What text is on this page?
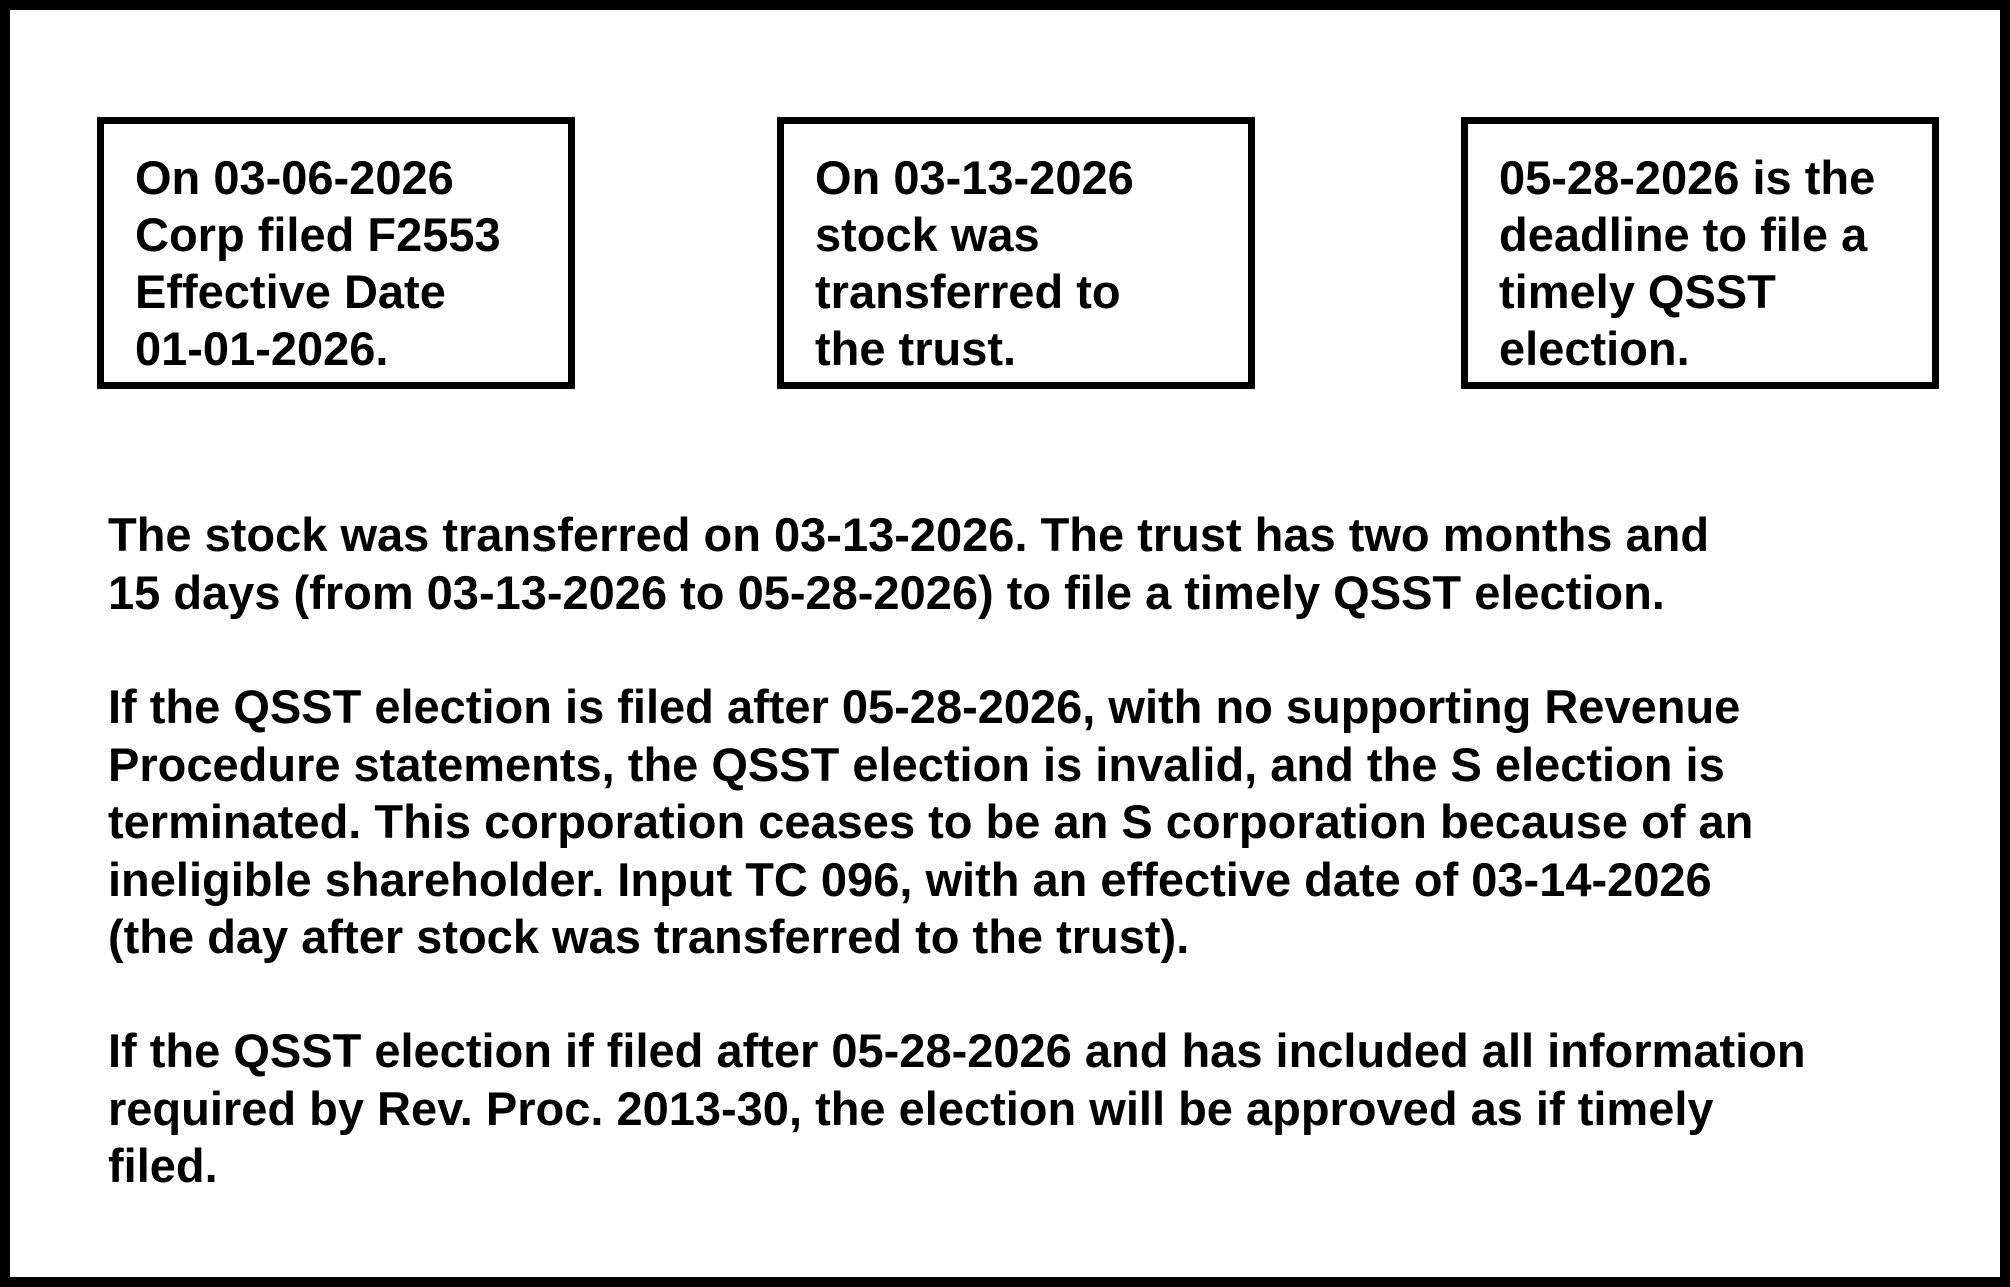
On 03-06-2026
Corp filed F2553
Effective Date
01-01-2026.
On 03-13-2026
stock was
transferred to
the trust.
05-28-2026 is the
deadline to file a
timely QSST
election.
The stock was transferred on 03-13-2026. The trust has two months and
15 days (from 03-13-2026 to 05-28-2026) to file a timely QSST election.
If the QSST election is filed after 05-28-2026, with no supporting Revenue
Procedure statements, the QSST election is invalid, and the S election is
terminated. This corporation ceases to be an S corporation because of an
ineligible shareholder. Input TC 096, with an effective date of 03-14-2026
(the day after stock was transferred to the trust).
If the QSST election if filed after 05-28-2026 and has included all information
required by Rev. Proc. 2013-30, the election will be approved as if timely
filed.
